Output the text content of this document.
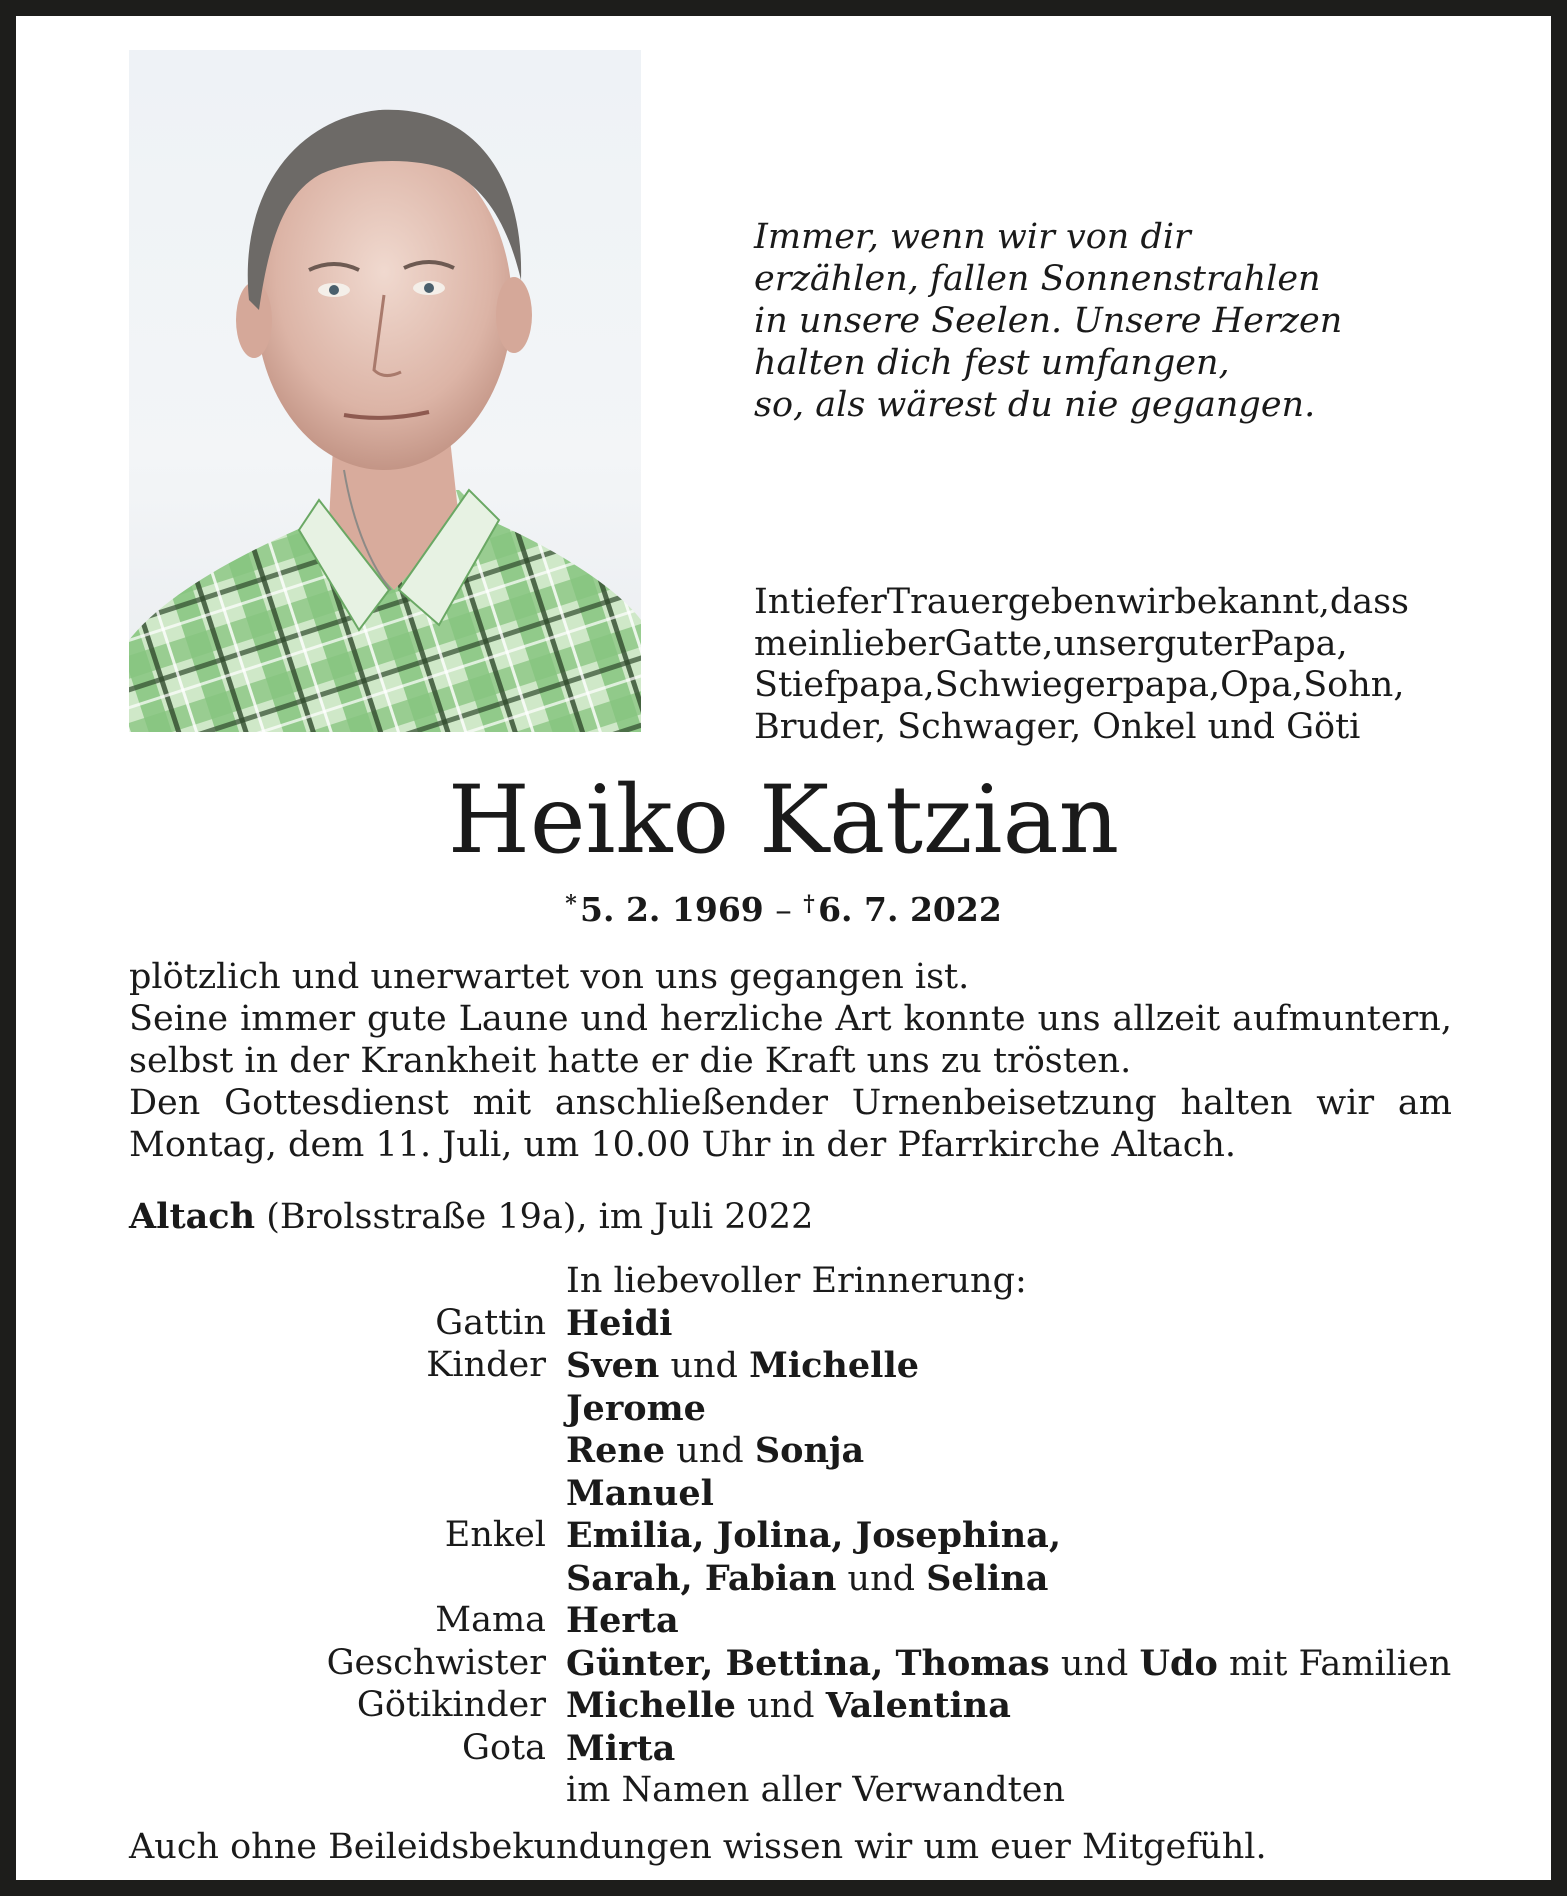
Immer, wenn wir von dir
erzählen, fallen Sonnenstrahlen
in unsere Seelen. Unsere Herzen
halten dich fest umfangen,
so, als wärest du nie gegangen.
In tiefer Trauer geben wir bekannt, dass
mein lieber Gatte, unser guter Papa,
Stiefpapa, Schwiegerpapa, Opa, Sohn,
Bruder, Schwager, Onkel und Göti
Heiko Katzian
* 5. 2. 1969 – † 6. 7. 2022
plötzlich und unerwartet von uns gegangen ist.
Seine immer gute Laune und herzliche Art konnte uns allzeit aufmuntern,
selbst in der Krankheit hatte er die Kraft uns zu trösten.
Den Gottesdienst mit anschließender Urnenbeisetzung halten wir am
Montag, dem 11. Juli, um 10.00 Uhr in der Pfarrkirche Altach.
Altach (Brolsstraße 19a), im Juli 2022
In liebevoller Erinnerung:
Gattin Heidi
Kinder Sven und Michelle
Jerome
Rene und Sonja
Manuel
Enkel Emilia, Jolina, Josephina,
Sarah, Fabian und Selina
Mama Herta
Geschwister Günter, Bettina, Thomas und Udo mit Familien
Götikinder Michelle und Valentina
Gota Mirta
im Namen aller Verwandten
Auch ohne Beileidsbekundungen wissen wir um euer Mitgefühl.
